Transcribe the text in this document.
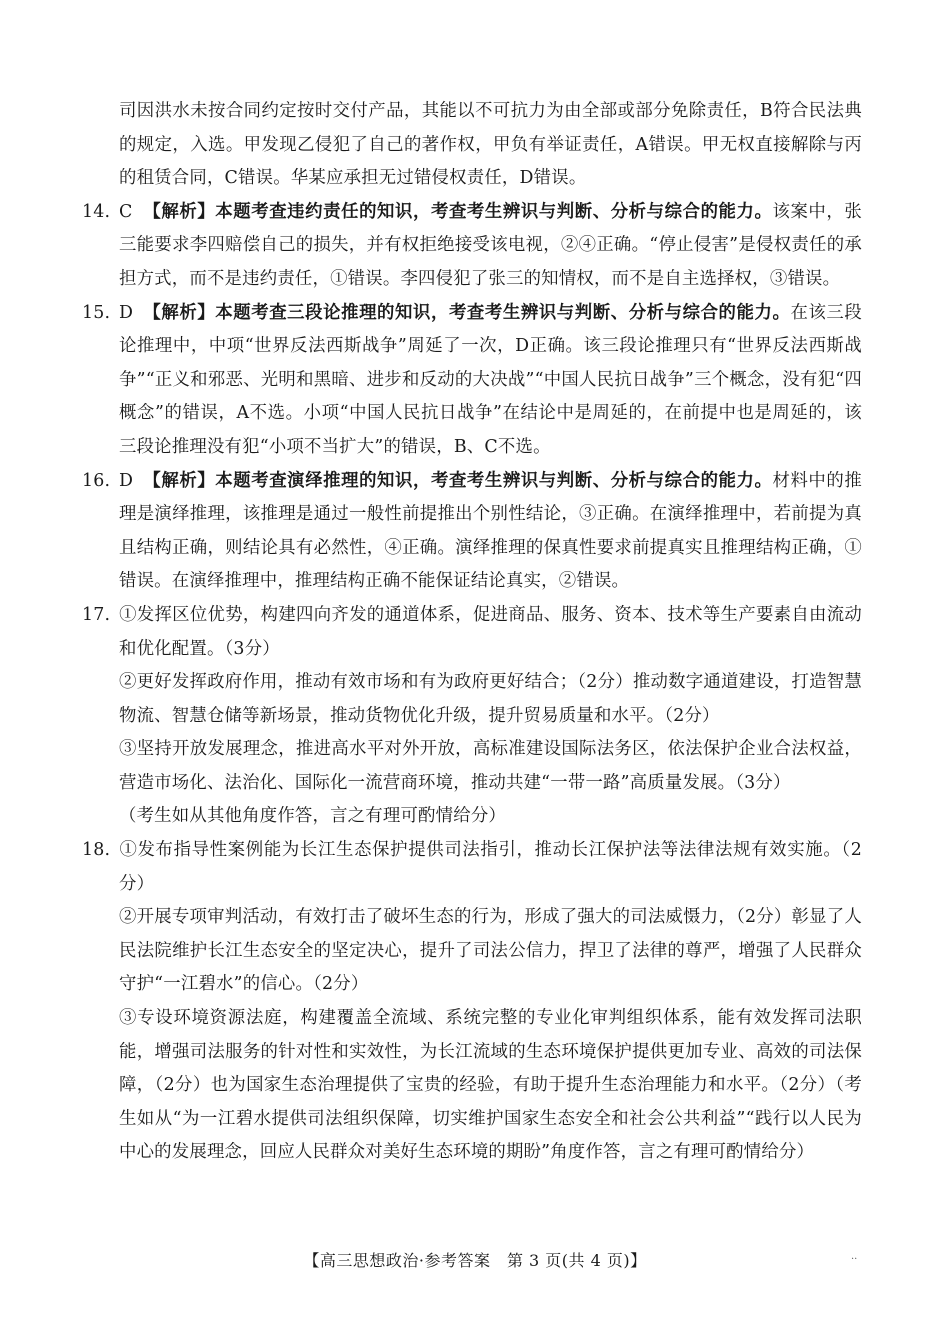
司因洪水未按合同约定按时交付产品，其能以不可抗力为由全部或部分免除责任，B符合民法典的规定，入选。甲发现乙侵犯了自己的著作权，甲负有举证责任，A错误。甲无权直接解除与丙的租赁合同，C错误。华某应承担无过错侵权责任，D错误。

14. C 【解析】本题考查违约责任的知识，考查考生辨识与判断、分析与综合的能力。该案中，张三能要求李四赔偿自己的损失，并有权拒绝接受该电视，②④正确。“停止侵害”是侵权责任的承担方式，而不是违约责任，①错误。李四侵犯了张三的知情权，而不是自主选择权，③错误。

15. D 【解析】本题考查三段论推理的知识，考查考生辨识与判断、分析与综合的能力。在该三段论推理中，中项“世界反法西斯战争”周延了一次，D正确。该三段论推理只有“世界反法西斯战争”“正义和邪恶、光明和黑暗、进步和反动的大决战”“中国人民抗日战争”三个概念，没有犯“四概念”的错误，A不选。小项“中国人民抗日战争”在结论中是周延的，在前提中也是周延的，该三段论推理没有犯“小项不当扩大”的错误，B、C不选。

16. D 【解析】本题考查演绎推理的知识，考查考生辨识与判断、分析与综合的能力。材料中的推理是演绎推理，该推理是通过一般性前提推出个别性结论，③正确。在演绎推理中，若前提为真且结构正确，则结论具有必然性，④正确。演绎推理的保真性要求前提真实且推理结构正确，①错误。在演绎推理中，推理结构正确不能保证结论真实，②错误。

17. ①发挥区位优势，构建四向齐发的通道体系，促进商品、服务、资本、技术等生产要素自由流动和优化配置。（3分）

②更好发挥政府作用，推动有效市场和有为政府更好结合；（2分）推动数字通道建设，打造智慧物流、智慧仓储等新场景，推动货物优化升级，提升贸易质量和水平。（2分）

③坚持开放发展理念，推进高水平对外开放，高标准建设国际法务区，依法保护企业合法权益，营造市场化、法治化、国际化一流营商环境，推动共建“一带一路”高质量发展。（3分）

（考生如从其他角度作答，言之有理可酌情给分）

18. ①发布指导性案例能为长江生态保护提供司法指引，推动长江保护法等法律法规有效实施。（2分）

②开展专项审判活动，有效打击了破坏生态的行为，形成了强大的司法威慑力，（2分）彰显了人民法院维护长江生态安全的坚定决心，提升了司法公信力，捍卫了法律的尊严，增强了人民群众守护“一江碧水”的信心。（2分）

③专设环境资源法庭，构建覆盖全流域、系统完整的专业化审判组织体系，能有效发挥司法职能，增强司法服务的针对性和实效性，为长江流域的生态环境保护提供更加专业、高效的司法保障，（2分）也为国家生态治理提供了宝贵的经验，有助于提升生态治理能力和水平。（2分）（考生如从“为一江碧水提供司法组织保障，切实维护国家生态安全和社会公共利益”“践行以人民为中心的发展理念，回应人民群众对美好生态环境的期盼”角度作答，言之有理可酌情给分）

【高三思想政治·参考答案　第 3 页(共 4 页)】	··
